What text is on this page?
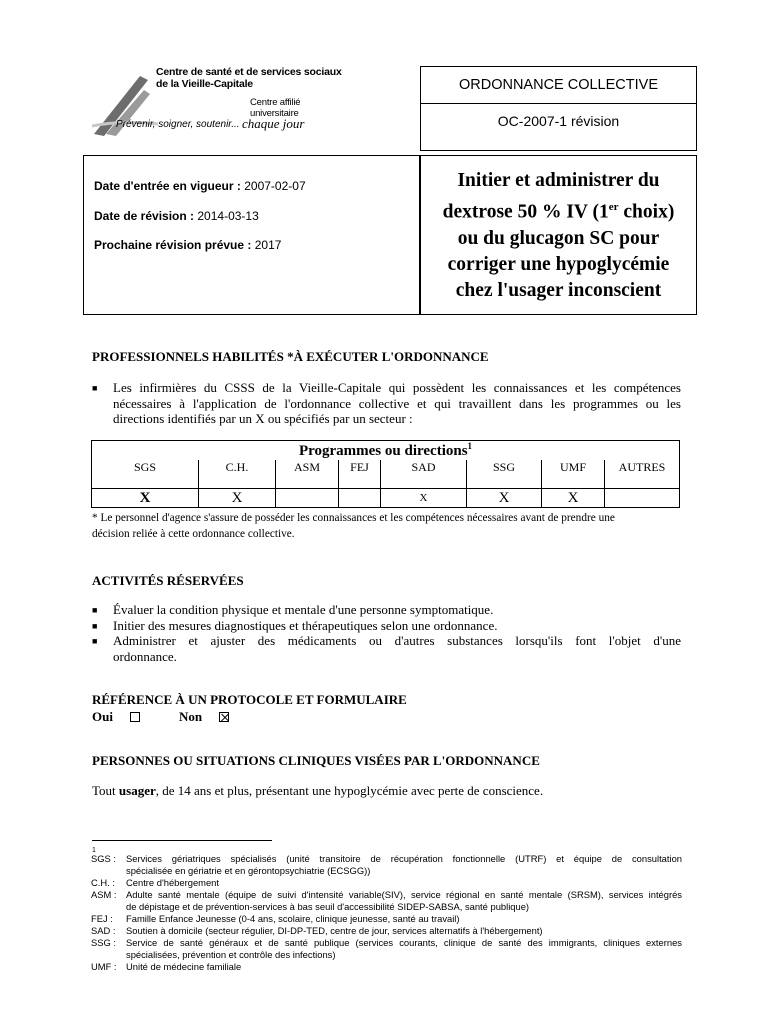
Centre de santé et de services sociaux
de la Vieille-Capitale
Centre affilié universitaire
Prévenir, soigner, soutenir... chaque jour
ORDONNANCE COLLECTIVE
OC-2007-1 révision
Date d'entrée en vigueur : 2007-02-07
Date de révision : 2014-03-13
Prochaine révision prévue : 2017
Initier et administrer du
dextrose 50 % IV (1er choix)
ou du glucagon SC pour
corriger une hypoglycémie
chez l'usager inconscient
PROFESSIONNELS HABILITÉS *À EXÉCUTER L'ORDONNANCE
■ Les infirmières du CSSS de la Vieille-Capitale qui possèdent les connaissances et les compétences
nécessaires à l'application de l'ordonnance collective et qui travaillent dans les programmes ou les
directions identifiés par un X ou spécifiés par un secteur :
Programmes ou directions$^1$
SGS	C.H.	ASM	FEJ	SAD	SSG	UMF	AUTRES
X	X			X	X	X	
* Le personnel d'agence s'assure de posséder les connaissances et les compétences nécessaires avant de prendre une
décision reliée à cette ordonnance collective.
ACTIVITÉS RÉSERVÉES
■
■
■
Évaluer la condition physique et mentale d'une personne symptomatique.
Initier des mesures diagnostiques et thérapeutiques selon une ordonnance.
Administrer et ajuster des médicaments ou d'autres substances lorsqu'ils font l'objet d'une
ordonnance.
RÉFÉRENCE À UN PROTOCOLE ET FORMULAIRE
Oui	Non
PERSONNES OU SITUATIONS CLINIQUES VISÉES PAR L'ORDONNANCE
Tout usager, de 14 ans et plus, présentant une hypoglycémie avec perte de conscience.
1
SGS : Services gériatriques spécialisés (unité transitoire de récupération fonctionnelle (UTRF) et équipe de consultation
spécialisée en gériatrie et en gérontopsychiatrie (ECSGG))
C.H. : Centre d'hébergement
ASM : Adulte santé mentale (équipe de suivi d'intensité variable(SIV), service régional en santé mentale (SRSM), services intégrés
de dépistage et de prévention-services à bas seuil d'accessibilité SIDEP-SABSA, santé publique)
FEJ : Famille Enfance Jeunesse (0-4 ans, scolaire, clinique jeunesse, santé au travail)
SAD : Soutien à domicile (secteur régulier, DI-DP-TED, centre de jour, services alternatifs à l'hébergement)
SSG : Service de santé généraux et de santé publique (services courants, clinique de santé des immigrants, cliniques externes
spécialisées, prévention et contrôle des infections)
UMF : Unité de médecine familiale
